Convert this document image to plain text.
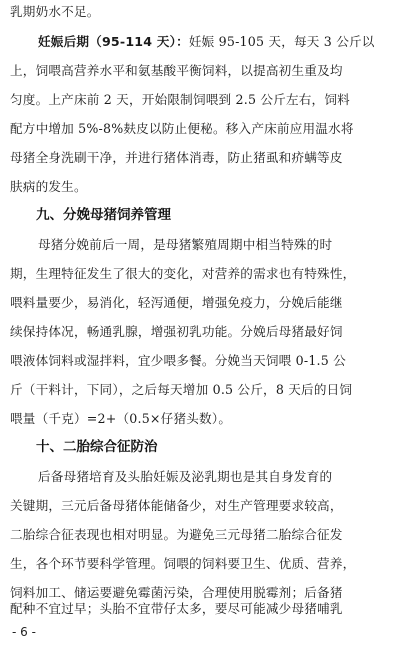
乳期奶水不足。
妊娠后期（95-114 天）：妊娠 95-105 天，每天 3 公斤以
上，饲喂高营养水平和氨基酸平衡饲料，以提高初生重及均
匀度。上产床前 2 天，开始限制饲喂到 2.5 公斤左右，饲料
配方中增加 5%-8%麸皮以防止便秘。移入产床前应用温水将
母猪全身洗刷干净，并进行猪体消毒，防止猪虱和疥螨等皮
肤病的发生。
九、分娩母猪饲养管理
母猪分娩前后一周，是母猪繁殖周期中相当特殊的时
期，生理特征发生了很大的变化，对营养的需求也有特殊性，
喂料量要少，易消化，轻泻通便，增强免疫力，分娩后能继
续保持体况，畅通乳腺，增强初乳功能。分娩后母猪最好饲
喂液体饲料或湿拌料，宜少喂多餐。分娩当天饲喂 0-1.5 公
斤（干料计，下同），之后每天增加 0.5 公斤，8 天后的日饲
喂量（千克）=2+（0.5×仔猪头数）。
十、二胎综合征防治
后备母猪培育及头胎妊娠及泌乳期也是其自身发育的
关键期，三元后备母猪体能储备少，对生产管理要求较高，
二胎综合征表现也相对明显。为避免三元母猪二胎综合征发
生，各个环节要科学管理。饲喂的饲料要卫生、优质、营养，
饲料加工、储运要避免霉菌污染，合理使用脱霉剂；后备猪
配种不宜过早；头胎不宜带仔太多，要尽可能减少母猪哺乳
- 6 -
